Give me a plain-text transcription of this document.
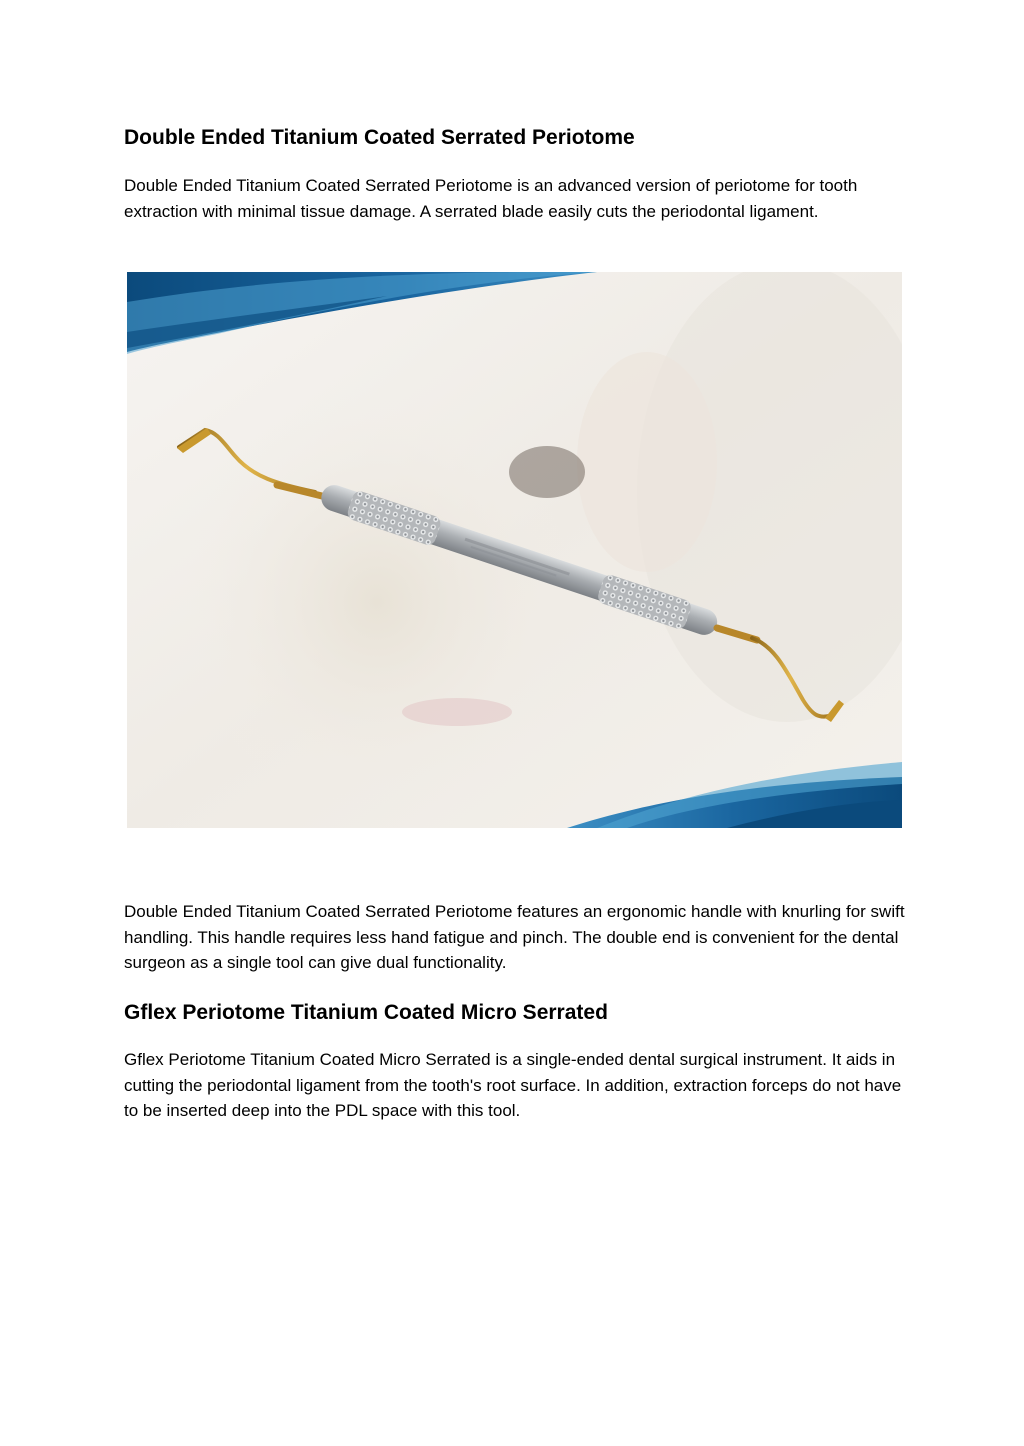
Double Ended Titanium Coated Serrated Periotome

Double Ended Titanium Coated Serrated Periotome is an advanced version of periotome for tooth extraction with minimal tissue damage. A serrated blade easily cuts the periodontal ligament.

Double Ended Titanium Coated Serrated Periotome features an ergonomic handle with knurling for swift handling. This handle requires less hand fatigue and pinch. The double end is convenient for the dental surgeon as a single tool can give dual functionality.

Gflex Periotome Titanium Coated Micro Serrated

Gflex Periotome Titanium Coated Micro Serrated is a single-ended dental surgical instrument. It aids in cutting the periodontal ligament from the tooth's root surface. In addition, extraction forceps do not have to be inserted deep into the PDL space with this tool.
